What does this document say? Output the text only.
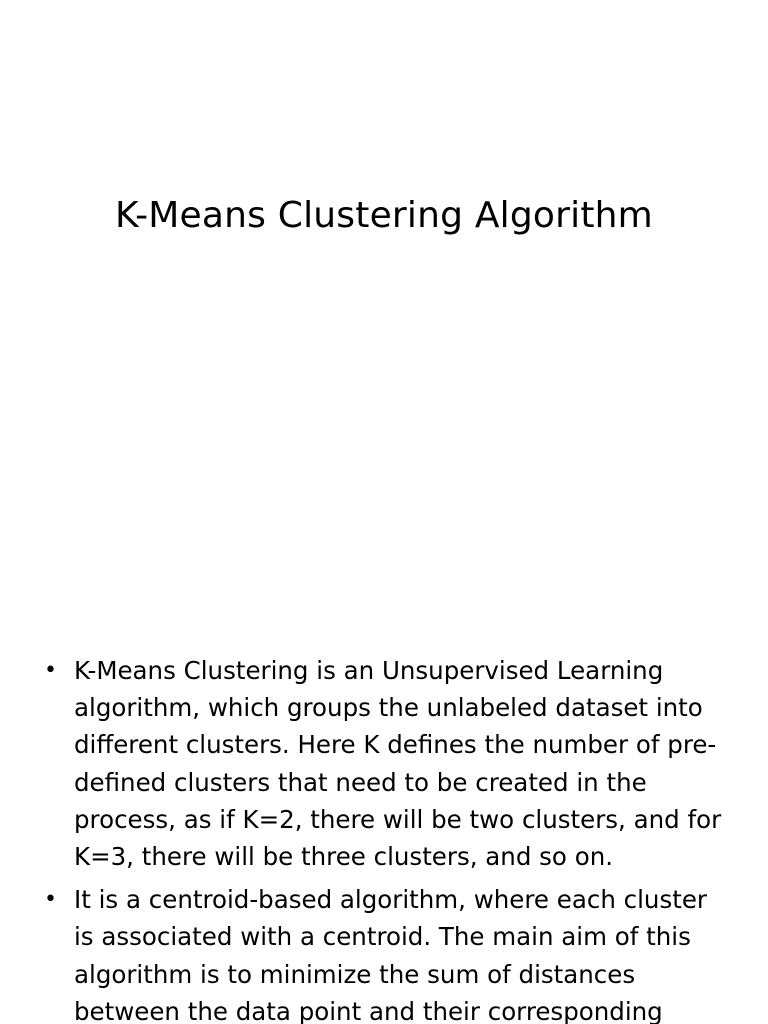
K-Means Clustering Algorithm
• K-Means Clustering is an Unsupervised Learning algorithm, which groups the unlabeled dataset into different clusters. Here K defines the number of pre-defined clusters that need to be created in the process, as if K=2, there will be two clusters, and for K=3, there will be three clusters, and so on.
• It is a centroid-based algorithm, where each cluster is associated with a centroid. The main aim of this algorithm is to minimize the sum of distances between the data point and their corresponding
